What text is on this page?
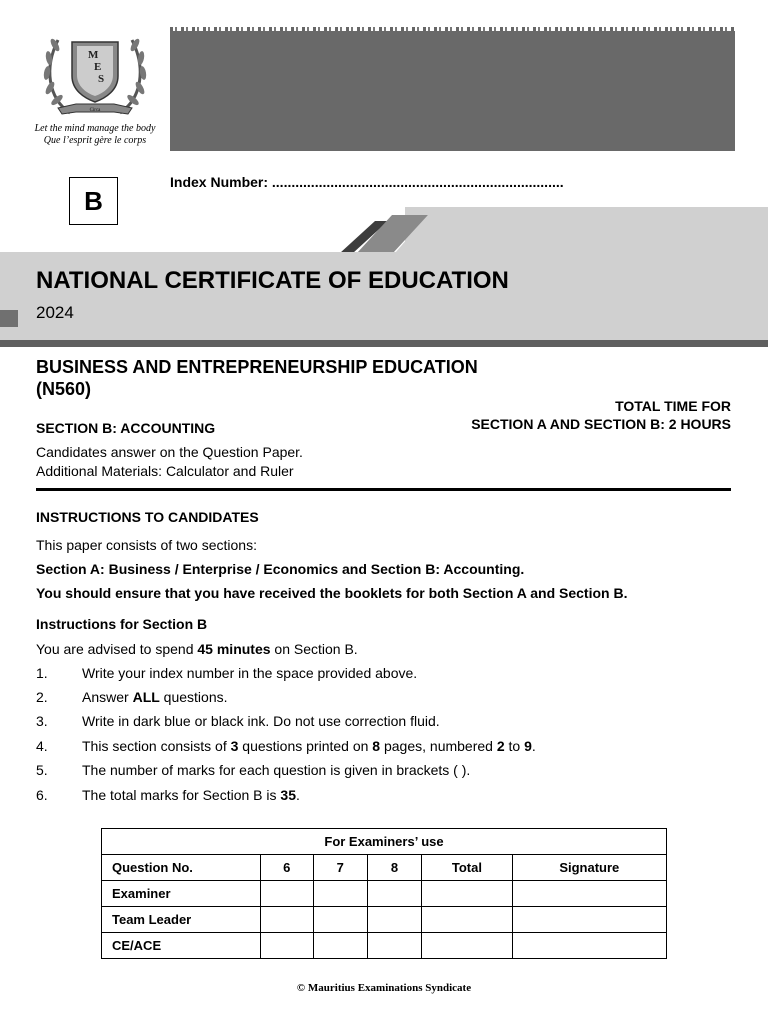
M
E
S
Circa
Let the mind manage the body
Que l’esprit gère le corps
B
Index Number: ...........................................................................
NATIONAL CERTIFICATE OF EDUCATION
2024
BUSINESS AND ENTREPRENEURSHIP EDUCATION
(N560)
TOTAL TIME FOR
SECTION A AND SECTION B: 2 HOURS
SECTION B: ACCOUNTING
Candidates answer on the Question Paper.
Additional Materials: Calculator and Ruler
INSTRUCTIONS TO CANDIDATES
This paper consists of two sections:
Section A: Business / Enterprise / Economics and Section B: Accounting.
You should ensure that you have received the booklets for both Section A and Section B.
Instructions for Section B
You are advised to spend 45 minutes on Section B.
1. Write your index number in the space provided above.
2. Answer ALL questions.
3. Write in dark blue or black ink. Do not use correction fluid.
4. This section consists of 3 questions printed on 8 pages, numbered 2 to 9.
5. The number of marks for each question is given in brackets ( ).
6. The total marks for Section B is 35.
For Examiners’ use					
Question No.	6	7	8	Total	Signature
Examiner					
Team Leader					
CE/ACE					
© Mauritius Examinations Syndicate
